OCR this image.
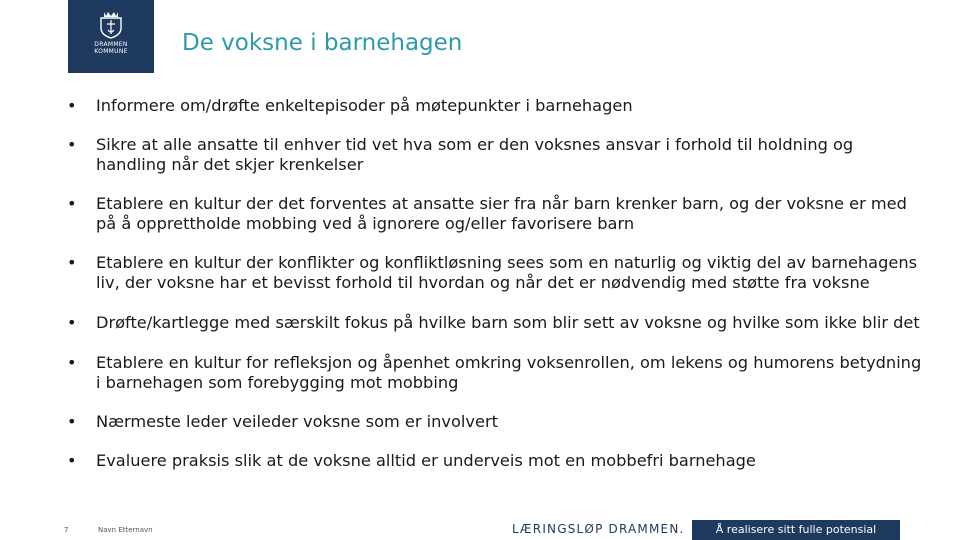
DRAMMEN
KOMMUNE De voksne i barnehagen
• Informere om/drøfte enkeltepisoder på møtepunkter i barnehagen
• Sikre at alle ansatte til enhver tid vet hva som er den voksnes ansvar i forhold til holdning og handling når det skjer krenkelser
• Etablere en kultur der det forventes at ansatte sier fra når barn krenker barn, og der voksne er med på å opprettholde mobbing ved å ignorere og/eller favorisere barn
• Etablere en kultur der konflikter og konfliktløsning sees som en naturlig og viktig del av barnehagens liv, der voksne har et bevisst forhold til hvordan og når det er nødvendig med støtte fra voksne
• Drøfte/kartlegge med særskilt fokus på hvilke barn som blir sett av voksne og hvilke som ikke blir det
• Etablere en kultur for refleksjon og åpenhet omkring voksenrollen, om lekens og humorens betydning i barnehagen som forebygging mot mobbing
• Nærmeste leder veileder voksne som er involvert
• Evaluere praksis slik at de voksne alltid er underveis mot en mobbefri barnehage
7	Navn Etternavn	LÆRINGSLØP DRAMMEN.	Å realisere sitt fulle potensial
